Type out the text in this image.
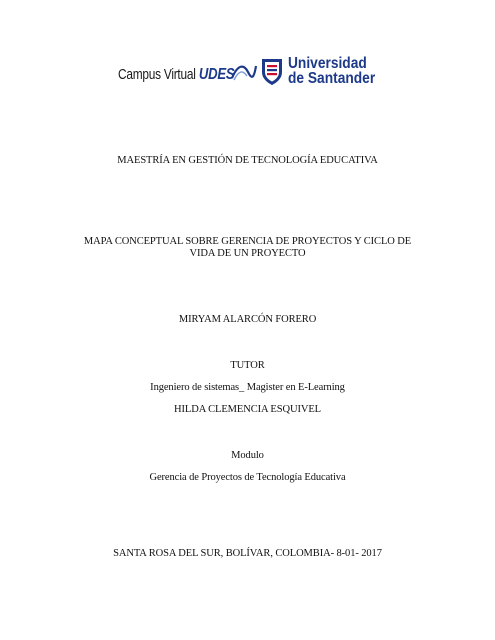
Campus Virtual UDES
Universidad
de Santander
MAESTRÍA EN GESTIÓN DE TECNOLOGÍA EDUCATIVA
MAPA CONCEPTUAL SOBRE GERENCIA DE PROYECTOS Y CICLO DE VIDA DE UN PROYECTO
MIRYAM ALARCÓN FORERO
TUTOR
Ingeniero de sistemas_ Magister en E-Learning
HILDA CLEMENCIA ESQUIVEL
Modulo
Gerencia de Proyectos de Tecnología Educativa
SANTA ROSA DEL SUR, BOLÍVAR, COLOMBIA- 8-01- 2017
